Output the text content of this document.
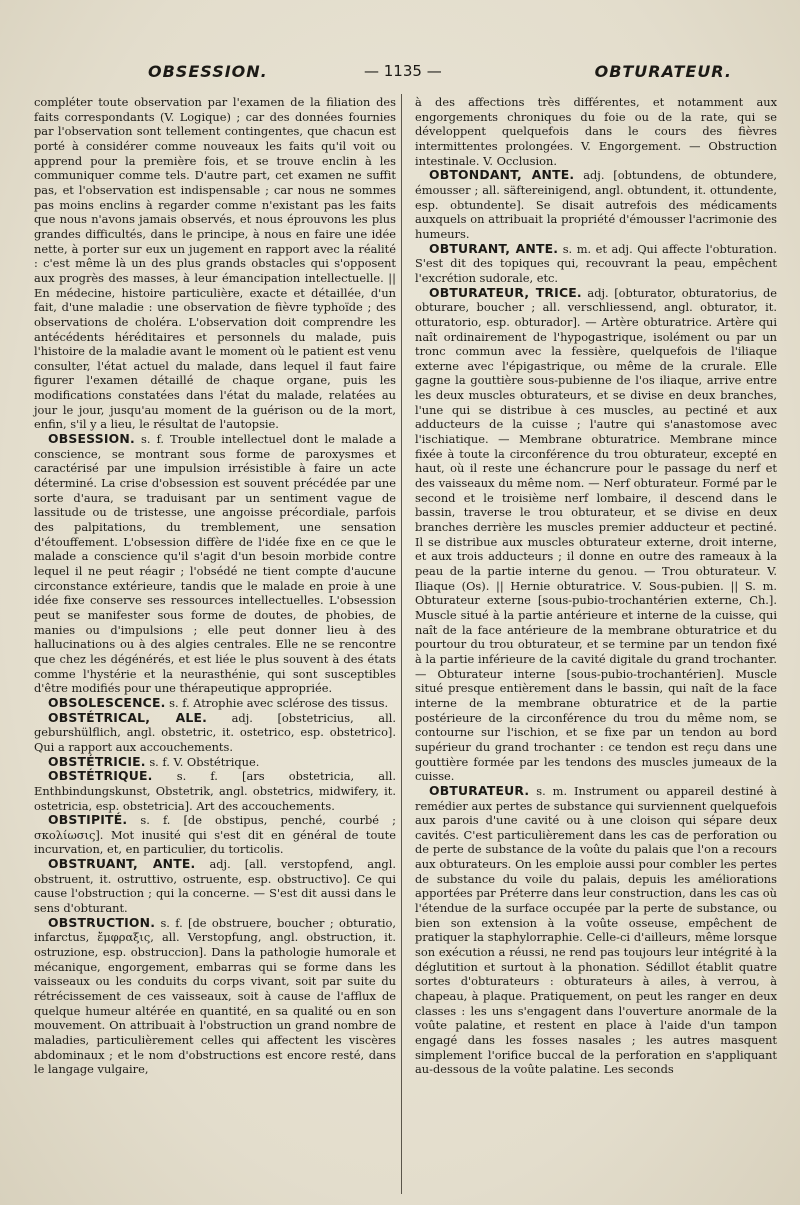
OBSESSION.	— 1135 —	OBTURATEUR.

compléter toute observation par l'examen de la filiation des faits correspondants (V. Logique) ; car des données fournies par l'observation sont tellement contingentes, que chacun est porté à considérer comme nouveaux les faits qu'il voit ou apprend pour la première fois, et se trouve enclin à les communiquer comme tels. D'autre part, cet examen ne suffit pas, et l'observation est indispensable ; car nous ne sommes pas moins enclins à regarder comme n'existant pas les faits que nous n'avons jamais observés, et nous éprouvons les plus grandes difficultés, dans le principe, à nous en faire une idée nette, à porter sur eux un jugement en rapport avec la réalité : c'est même là un des plus grands obstacles qui s'opposent aux progrès des masses, à leur émancipation intellectuelle. || En médecine, histoire particulière, exacte et détaillée, d'un fait, d'une maladie : une observation de fièvre typhoïde ; des observations de choléra. L'observation doit comprendre les antécédents héréditaires et personnels du malade, puis l'histoire de la maladie avant le moment où le patient est venu consulter, l'état actuel du malade, dans lequel il faut faire figurer l'examen détaillé de chaque organe, puis les modifications constatées dans l'état du malade, relatées au jour le jour, jusqu'au moment de la guérison ou de la mort, enfin, s'il y a lieu, le résultat de l'autopsie.

OBSESSION. s. f. Trouble intellectuel dont le malade a conscience, se montrant sous forme de paroxysmes et caractérisé par une impulsion irrésistible à faire un acte déterminé. La crise d'obsession est souvent précédée par une sorte d'aura, se traduisant par un sentiment vague de lassitude ou de tristesse, une angoisse précordiale, parfois des palpitations, du tremblement, une sensation d'étouffement. L'obsession diffère de l'idée fixe en ce que le malade a conscience qu'il s'agit d'un besoin morbide contre lequel il ne peut réagir ; l'obsédé ne tient compte d'aucune circonstance extérieure, tandis que le malade en proie à une idée fixe conserve ses ressources intellectuelles. L'obsession peut se manifester sous forme de doutes, de phobies, de manies ou d'impulsions ; elle peut donner lieu à des hallucinations ou à des algies centrales. Elle ne se rencontre que chez les dégénérés, et est liée le plus souvent à des états comme l'hystérie et la neurasthénie, qui sont susceptibles d'être modifiés pour une thérapeutique appropriée.

OBSOLESCENCE. s. f. Atrophie avec sclérose des tissus.

OBSTÉTRICAL, ALE. adj. [obstetricius, all. geburshülflich, angl. obstetric, it. ostetrico, esp. obstetrico]. Qui a rapport aux accouchements.

OBSTÉTRICIE. s. f. V. Obstétrique.

OBSTÉTRIQUE. s. f. [ars obstetricia, all. Enthbindungskunst, Obstetrik, angl. obstetrics, midwifery, it. ostetricia, esp. obstetricia]. Art des accouchements.

OBSTIPITÉ. s. f. [de obstipus, penché, courbé ; σκολίωσις]. Mot inusité qui s'est dit en général de toute incurvation, et, en particulier, du torticolis.

OBSTRUANT, ANTE. adj. [all. verstopfend, angl. obstruent, it. ostruttivo, ostruente, esp. obstructivo]. Ce qui cause l'obstruction ; qui la concerne. — S'est dit aussi dans le sens d'obturant.

OBSTRUCTION. s. f. [de obstruere, boucher ; obturatio, infarctus, ἔμφραξις, all. Verstopfung, angl. obstruction, it. ostruzione, esp. obstruccion]. Dans la pathologie humorale et mécanique, engorgement, embarras qui se forme dans les vaisseaux ou les conduits du corps vivant, soit par suite du rétrécissement de ces vaisseaux, soit à cause de l'afflux de quelque humeur altérée en quantité, en sa qualité ou en son mouvement. On attribuait à l'obstruction un grand nombre de maladies, particulièrement celles qui affectent les viscères abdominaux ; et le nom d'obstructions est encore resté, dans le langage vulgaire,

à des affections très différentes, et notamment aux engorgements chroniques du foie ou de la rate, qui se développent quelquefois dans le cours des fièvres intermittentes prolongées. V. Engorgement. — Obstruction intestinale. V. Occlusion.

OBTONDANT, ANTE. adj. [obtundens, de obtundere, émousser ; all. säftereinigend, angl. obtundent, it. ottundente, esp. obtundente]. Se disait autrefois des médicaments auxquels on attribuait la propriété d'émousser l'acrimonie des humeurs.

OBTURANT, ANTE. s. m. et adj. Qui affecte l'obturation. S'est dit des topiques qui, recouvrant la peau, empêchent l'excrétion sudorale, etc.

OBTURATEUR, TRICE. adj. [obturator, obturatorius, de obturare, boucher ; all. verschliessend, angl. obturator, it. otturatorio, esp. obturador]. — Artère obturatrice. Artère qui naît ordinairement de l'hypogastrique, isolément ou par un tronc commun avec la fessière, quelquefois de l'iliaque externe avec l'épigastrique, ou même de la crurale. Elle gagne la gouttière sous-pubienne de l'os iliaque, arrive entre les deux muscles obturateurs, et se divise en deux branches, l'une qui se distribue à ces muscles, au pectiné et aux adducteurs de la cuisse ; l'autre qui s'anastomose avec l'ischiatique. — Membrane obturatrice. Membrane mince fixée à toute la circonférence du trou obturateur, excepté en haut, où il reste une échancrure pour le passage du nerf et des vaisseaux du même nom. — Nerf obturateur. Formé par le second et le troisième nerf lombaire, il descend dans le bassin, traverse le trou obturateur, et se divise en deux branches derrière les muscles premier adducteur et pectiné. Il se distribue aux muscles obturateur externe, droit interne, et aux trois adducteurs ; il donne en outre des rameaux à la peau de la partie interne du genou. — Trou obturateur. V. Iliaque (Os). || Hernie obturatrice. V. Sous-pubien. || S. m. Obturateur externe [sous-pubio-trochantérien externe, Ch.]. Muscle situé à la partie antérieure et interne de la cuisse, qui naît de la face antérieure de la membrane obturatrice et du pourtour du trou obturateur, et se termine par un tendon fixé à la partie inférieure de la cavité digitale du grand trochanter. — Obturateur interne [sous-pubio-trochantérien]. Muscle situé presque entièrement dans le bassin, qui naît de la face interne de la membrane obturatrice et de la partie postérieure de la circonférence du trou du même nom, se contourne sur l'ischion, et se fixe par un tendon au bord supérieur du grand trochanter : ce tendon est reçu dans une gouttière formée par les tendons des muscles jumeaux de la cuisse.

OBTURATEUR. s. m. Instrument ou appareil destiné à remédier aux pertes de substance qui surviennent quelquefois aux parois d'une cavité ou à une cloison qui sépare deux cavités. C'est particulièrement dans les cas de perforation ou de perte de substance de la voûte du palais que l'on a recours aux obturateurs. On les emploie aussi pour combler les pertes de substance du voile du palais, depuis les améliorations apportées par Préterre dans leur construction, dans les cas où l'étendue de la surface occupée par la perte de substance, ou bien son extension à la voûte osseuse, empêchent de pratiquer la staphylorraphie. Celle-ci d'ailleurs, même lorsque son exécution a réussi, ne rend pas toujours leur intégrité à la déglutition et surtout à la phonation. Sédillot établit quatre sortes d'obturateurs : obturateurs à ailes, à verrou, à chapeau, à plaque. Pratiquement, on peut les ranger en deux classes : les uns s'engagent dans l'ouverture anormale de la voûte palatine, et restent en place à l'aide d'un tampon engagé dans les fosses nasales ; les autres masquent simplement l'orifice buccal de la perforation en s'appliquant au-dessous de la voûte palatine. Les seconds
